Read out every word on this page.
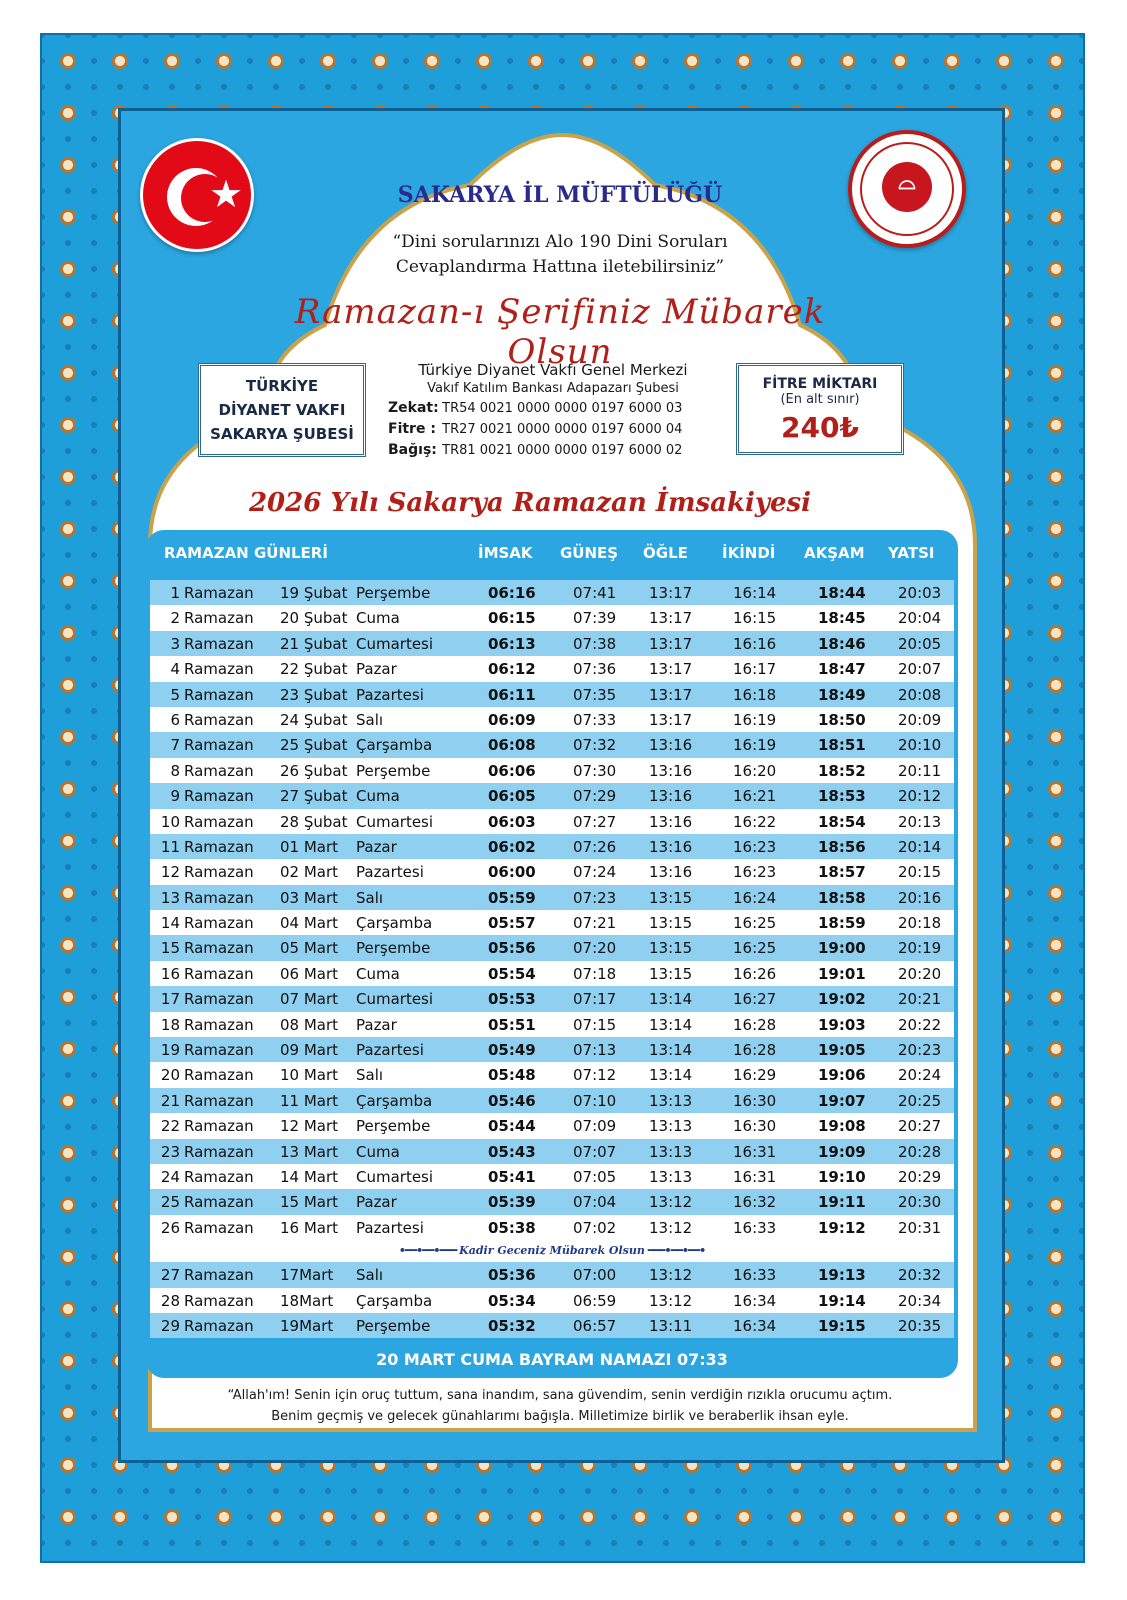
★	⌓
SAKARYA İL MÜFTÜLÜĞÜ
“Dini sorularınızı Alo 190 Dini Soruları
Cevaplandırma Hattına iletebilirsiniz”
Ramazan-ı Şerifiniz Mübarek Olsun
TÜRKİYE
DİYANET VAKFI
SAKARYA ŞUBESİ
Türkiye Diyanet Vakfı Genel Merkezi
Vakıf Katılım Bankası Adapazarı Şubesi
Zekat: TR54 0021 0000 0000 0197 6000 03
Fitre : TR27 0021 0000 0000 0197 6000 04
Bağış: TR81 0021 0000 0000 0197 6000 02
FİTRE MİKTARI
(En alt sınır)
240₺
2026 Yılı Sakarya Ramazan İmsakiyesi
RAMAZAN GÜNLERİ	İMSAK GÜNEŞ ÖĞLE İKİNDİ AKŞAM YATSI
1 Ramazan 19 Şubat Perşembe	06:16 07:41 13:17	16:14	18:44 20:03
2 Ramazan 20 Şubat Cuma	06:15 07:39 13:17	16:15	18:45 20:04
3 Ramazan 21 Şubat Cumartesi	06:13 07:38 13:17	16:16	18:46 20:05
4 Ramazan 22 Şubat Pazar	06:12 07:36 13:17	16:17	18:47 20:07
5 Ramazan 23 Şubat Pazartesi	06:11 07:35 13:17	16:18	18:49 20:08
6 Ramazan 24 Şubat Salı	06:09 07:33 13:17	16:19	18:50 20:09
7 Ramazan 25 Şubat Çarşamba	06:08 07:32 13:16	16:19	18:51 20:10
8 Ramazan 26 Şubat Perşembe	06:06 07:30 13:16	16:20	18:52 20:11
9 Ramazan 27 Şubat Cuma	06:05 07:29 13:16	16:21	18:53 20:12
10 Ramazan 28 Şubat Cumartesi	06:03 07:27 13:16	16:22	18:54 20:13
11 Ramazan 01 Mart Pazar	06:02 07:26 13:16	16:23	18:56 20:14
12 Ramazan 02 Mart Pazartesi	06:00 07:24 13:16	16:23	18:57 20:15
13 Ramazan 03 Mart Salı	05:59 07:23 13:15	16:24	18:58 20:16
14 Ramazan 04 Mart Çarşamba	05:57 07:21 13:15	16:25	18:59 20:18
15 Ramazan 05 Mart Perşembe	05:56 07:20 13:15	16:25	19:00 20:19
16 Ramazan 06 Mart Cuma	05:54 07:18 13:15	16:26	19:01 20:20
17 Ramazan 07 Mart Cumartesi	05:53 07:17 13:14	16:27	19:02 20:21
18 Ramazan 08 Mart Pazar	05:51 07:15 13:14	16:28	19:03 20:22
19 Ramazan 09 Mart Pazartesi	05:49 07:13 13:14	16:28	19:05 20:23
20 Ramazan 10 Mart Salı	05:48 07:12 13:14	16:29	19:06 20:24
21 Ramazan 11 Mart Çarşamba	05:46 07:10 13:13	16:30	19:07 20:25
22 Ramazan 12 Mart Perşembe	05:44 07:09 13:13	16:30	19:08 20:27
23 Ramazan 13 Mart Cuma	05:43 07:07 13:13	16:31	19:09 20:28
24 Ramazan 14 Mart Cumartesi	05:41 07:05 13:13	16:31	19:10 20:29
25 Ramazan 15 Mart Pazar	05:39 07:04 13:12	16:32	19:11 20:30
26 Ramazan 16 Mart Pazartesi	05:38 07:02 13:12	16:33	19:12 20:31
•━━•━━•━━━ Kadir Geceniz Mübarek Olsun ━━━•━━•━━•
27 Ramazan 17Mart Salı	05:36 07:00 13:12	16:33	19:13 20:32
28 Ramazan 18Mart Çarşamba	05:34 06:59 13:12	16:34	19:14 20:34
29 Ramazan 19Mart Perşembe	05:32 06:57 13:11	16:34	19:15 20:35
20 MART CUMA BAYRAM NAMAZI 07:33
“Allah'ım! Senin için oruç tuttum, sana inandım, sana güvendim, senin verdiğin rızıkla orucumu açtım.
Benim geçmiş ve gelecek günahlarımı bağışla. Milletimize birlik ve beraberlik ihsan eyle.
